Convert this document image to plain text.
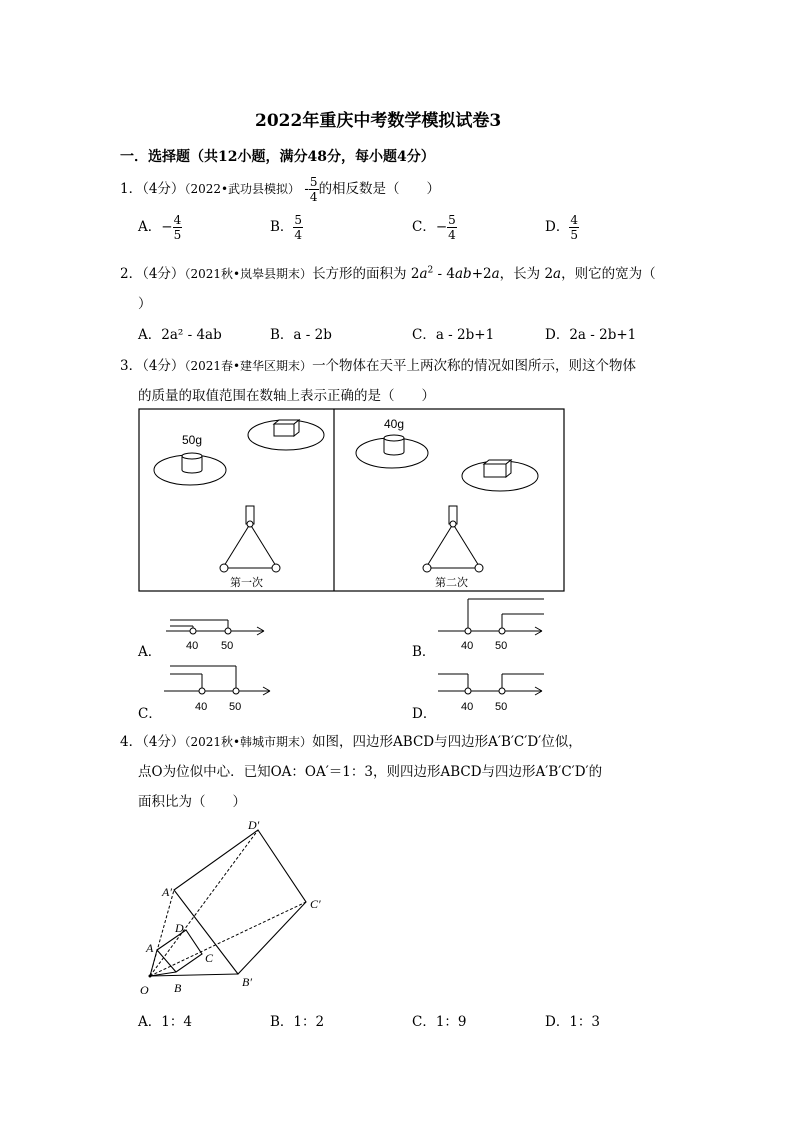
2022年重庆中考数学模拟试卷3
一．选择题（共12小题，满分48分，每小题4分）
1．（4分）（2022•武功县模拟） - $\frac{5}{4}$ 的相反数是（　　）
A．− $\frac{4}{5}$	B． $\frac{5}{4}$	C．− $\frac{5}{4}$	D． $\frac{4}{5}$
2．（4分）（2021秋•岚皋县期末）长方形的面积为 $2a^2 - 4ab+2a$，长为 2a，则它的宽为（
）
A．2a² - 4ab	B．a - 2b	C．a - 2b+1	D．2a - 2b+1
3．（4分）（2021春•建华区期末）一个物体在天平上两次称的情况如图所示，则这个物体
的质量的取值范围在数轴上表示正确的是（　　）
50g
第一次
40g
第二次
A． 40 50	B． 40 50
C．	40 50	D． 40 50
4．（4分）（2021秋•韩城市期末）如图，四边形ABCD与四边形A′B′C′D′位似，
点O为位似中心．已知OA：OA′＝1：3，则四边形ABCD与四边形A′B′C′D′的
面积比为（　　）
O
A
B
C
D
A′
B′
C′
D′
A．1：4	B．1：2	C．1：9	D．1：3
